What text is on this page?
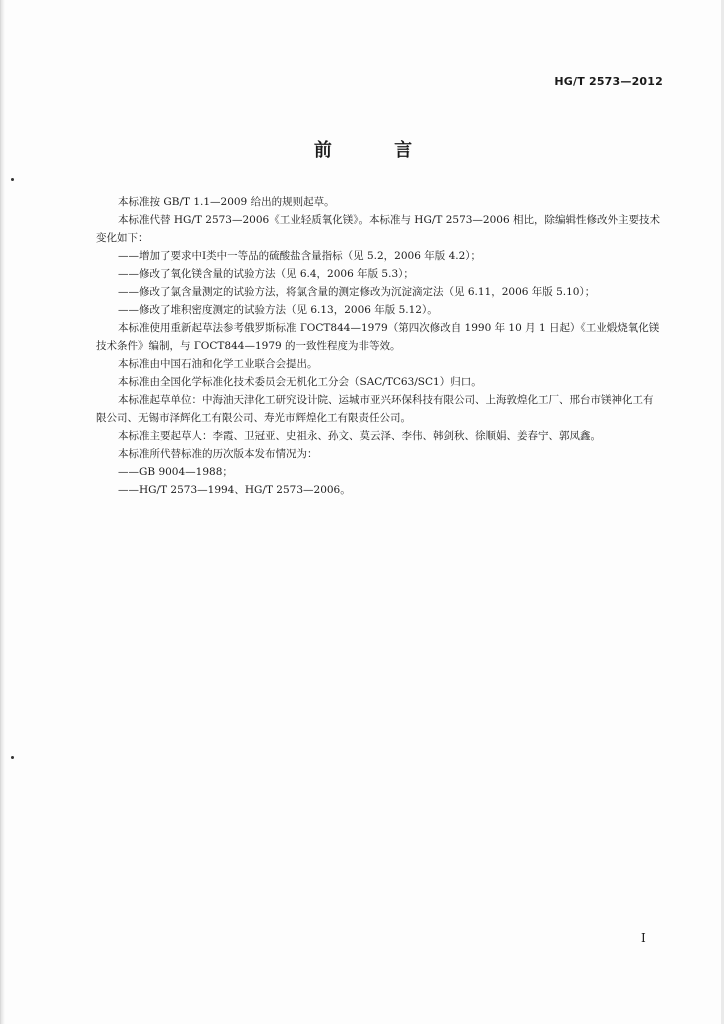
HG/T 2573—2012
前 言

本标准按 GB/T 1.1—2009 给出的规则起草。

本标准代替 HG/T 2573—2006《工业轻质氧化镁》。本标准与 HG/T 2573—2006 相比，除编辑性修改外主要技术变化如下：

——增加了要求中Ⅰ类中一等品的硫酸盐含量指标（见 5.2，2006 年版 4.2）；

——修改了氧化镁含量的试验方法（见 6.4，2006 年版 5.3）；

——修改了氯含量测定的试验方法，将氯含量的测定修改为沉淀滴定法（见 6.11，2006 年版 5.10）；

——修改了堆积密度测定的试验方法（见 6.13，2006 年版 5.12）。

本标准使用重新起草法参考俄罗斯标准 ГОСТ844—1979（第四次修改自 1990 年 10 月 1 日起）《工业煅烧氧化镁技术条件》编制，与 ГОСТ844—1979 的一致性程度为非等效。

本标准由中国石油和化学工业联合会提出。

本标准由全国化学标准化技术委员会无机化工分会（SAC/TC63/SC1）归口。

本标准起草单位：中海油天津化工研究设计院、运城市亚兴环保科技有限公司、上海敦煌化工厂、邢台市镁神化工有限公司、无锡市泽辉化工有限公司、寿光市辉煌化工有限责任公司。

本标准主要起草人：李霞、卫冠亚、史祖永、孙文、莫云泽、李伟、韩剑秋、徐顺娟、姜春宁、郭凤鑫。

本标准所代替标准的历次版本发布情况为：

——GB 9004—1988；

——HG/T 2573—1994、HG/T 2573—2006。

I
